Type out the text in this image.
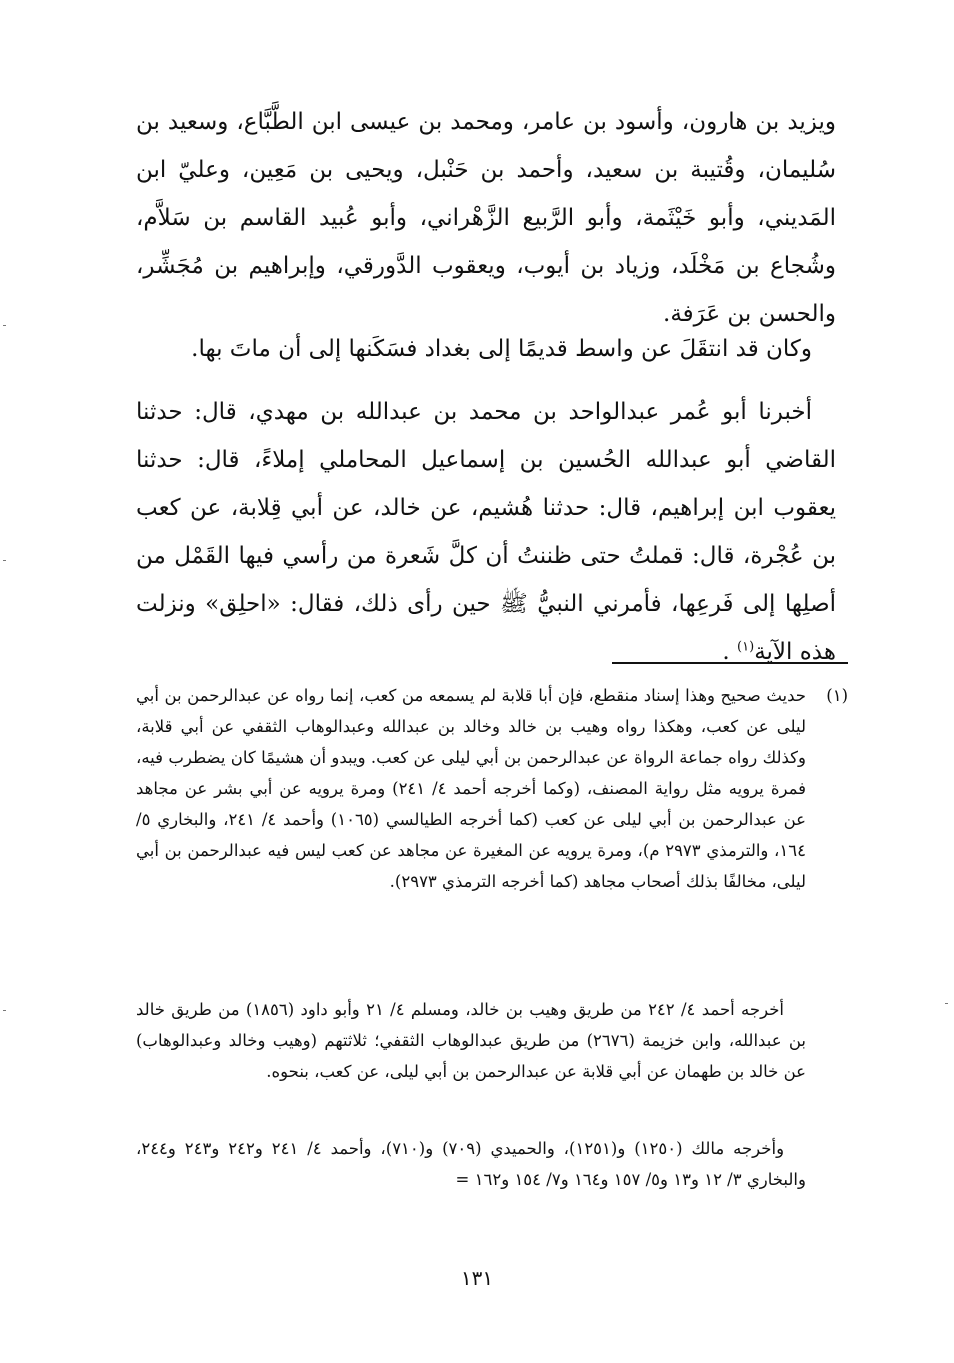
ويزيد بن هارون، وأسود بن عامر، ومحمد بن عيسى ابن الطَّبَّاع، وسعيد بن سُليمان، وقُتيبة بن سعيد، وأحمد بن حَنْبل، ويحيى بن مَعِين، وعليّ ابن المَديني، وأبو خَيْثَمة، وأبو الرَّبيع الزَّهْراني، وأبو عُبيد القاسم بن سَلاَّم، وشُجاع بن مَخْلَد، وزياد بن أيوب، ويعقوب الدَّورقي، وإبراهيم بن مُجَشِّر، والحسن بن عَرَفة.

وكان قد انتقَلَ عن واسط قديمًا إلى بغداد فسَكَنها إلى أن ماتَ بها.

أخبرنا أبو عُمر عبدالواحد بن محمد بن عبدالله بن مهدي، قال: حدثنا القاضي أبو عبدالله الحُسين بن إسماعيل المحاملي إملاءً، قال: حدثنا يعقوب ابن إبراهيم، قال: حدثنا هُشيم، عن خالد، عن أبي قِلابة، عن كعب بن عُجْرة، قال: قملتُ حتى ظننتُ أن كلَّ شَعرة من رأسي فيها القَمْل من أصلِها إلى فَرعِها، فأمرني النبيُّ ﷺ حين رأى ذلك، فقال: «احلِق» ونزلت هذه الآية$^{(١)}$ .

(١)
حديث صحيح وهذا إسناد منقطع، فإن أبا قلابة لم يسمعه من كعب، إنما رواه عن عبدالرحمن بن أبي ليلى عن كعب، وهكذا رواه وهيب بن خالد وخالد بن عبدالله وعبدالوهاب الثقفي عن أبي قلابة، وكذلك رواه جماعة الرواة عن عبدالرحمن بن أبي ليلى عن كعب. ويبدو أن هشيمًا كان يضطرب فيه، فمرة يرويه مثل رواية المصنف، (وكما أخرجه أحمد ٤/ ٢٤١) ومرة يرويه عن أبي بشر عن مجاهد عن عبدالرحمن بن أبي ليلى عن كعب (كما أخرجه الطيالسي (١٠٦٥) وأحمد ٤/ ٢٤١، والبخاري ٥/ ١٦٤، والترمذي ٢٩٧٣ م)، ومرة يرويه عن المغيرة عن مجاهد عن كعب ليس فيه عبدالرحمن بن أبي ليلى، مخالفًا بذلك أصحاب مجاهد (كما أخرجه الترمذي ٢٩٧٣).
أخرجه أحمد ٤/ ٢٤٢ من طريق وهيب بن خالد، ومسلم ٤/ ٢١ وأبو داود (١٨٥٦) من طريق خالد بن عبدالله، وابن خزيمة (٢٦٧٦) من طريق عبدالوهاب الثقفي؛ ثلاثتهم (وهيب وخالد وعبدالوهاب) عن خالد بن طهمان عن أبي قلابة عن عبدالرحمن بن أبي ليلى، عن كعب، بنحوه.
وأخرجه مالك (١٢٥٠) و(١٢٥١)، والحميدي (٧٠٩) و(٧١٠)، وأحمد ٤/ ٢٤١ و٢٤٢ و٢٤٣ و٢٤٤، والبخاري ٣/ ١٢ و١٣ و٥/ ١٥٧ و١٦٤ و٧/ ١٥٤ و١٦٢ =

١٣١
